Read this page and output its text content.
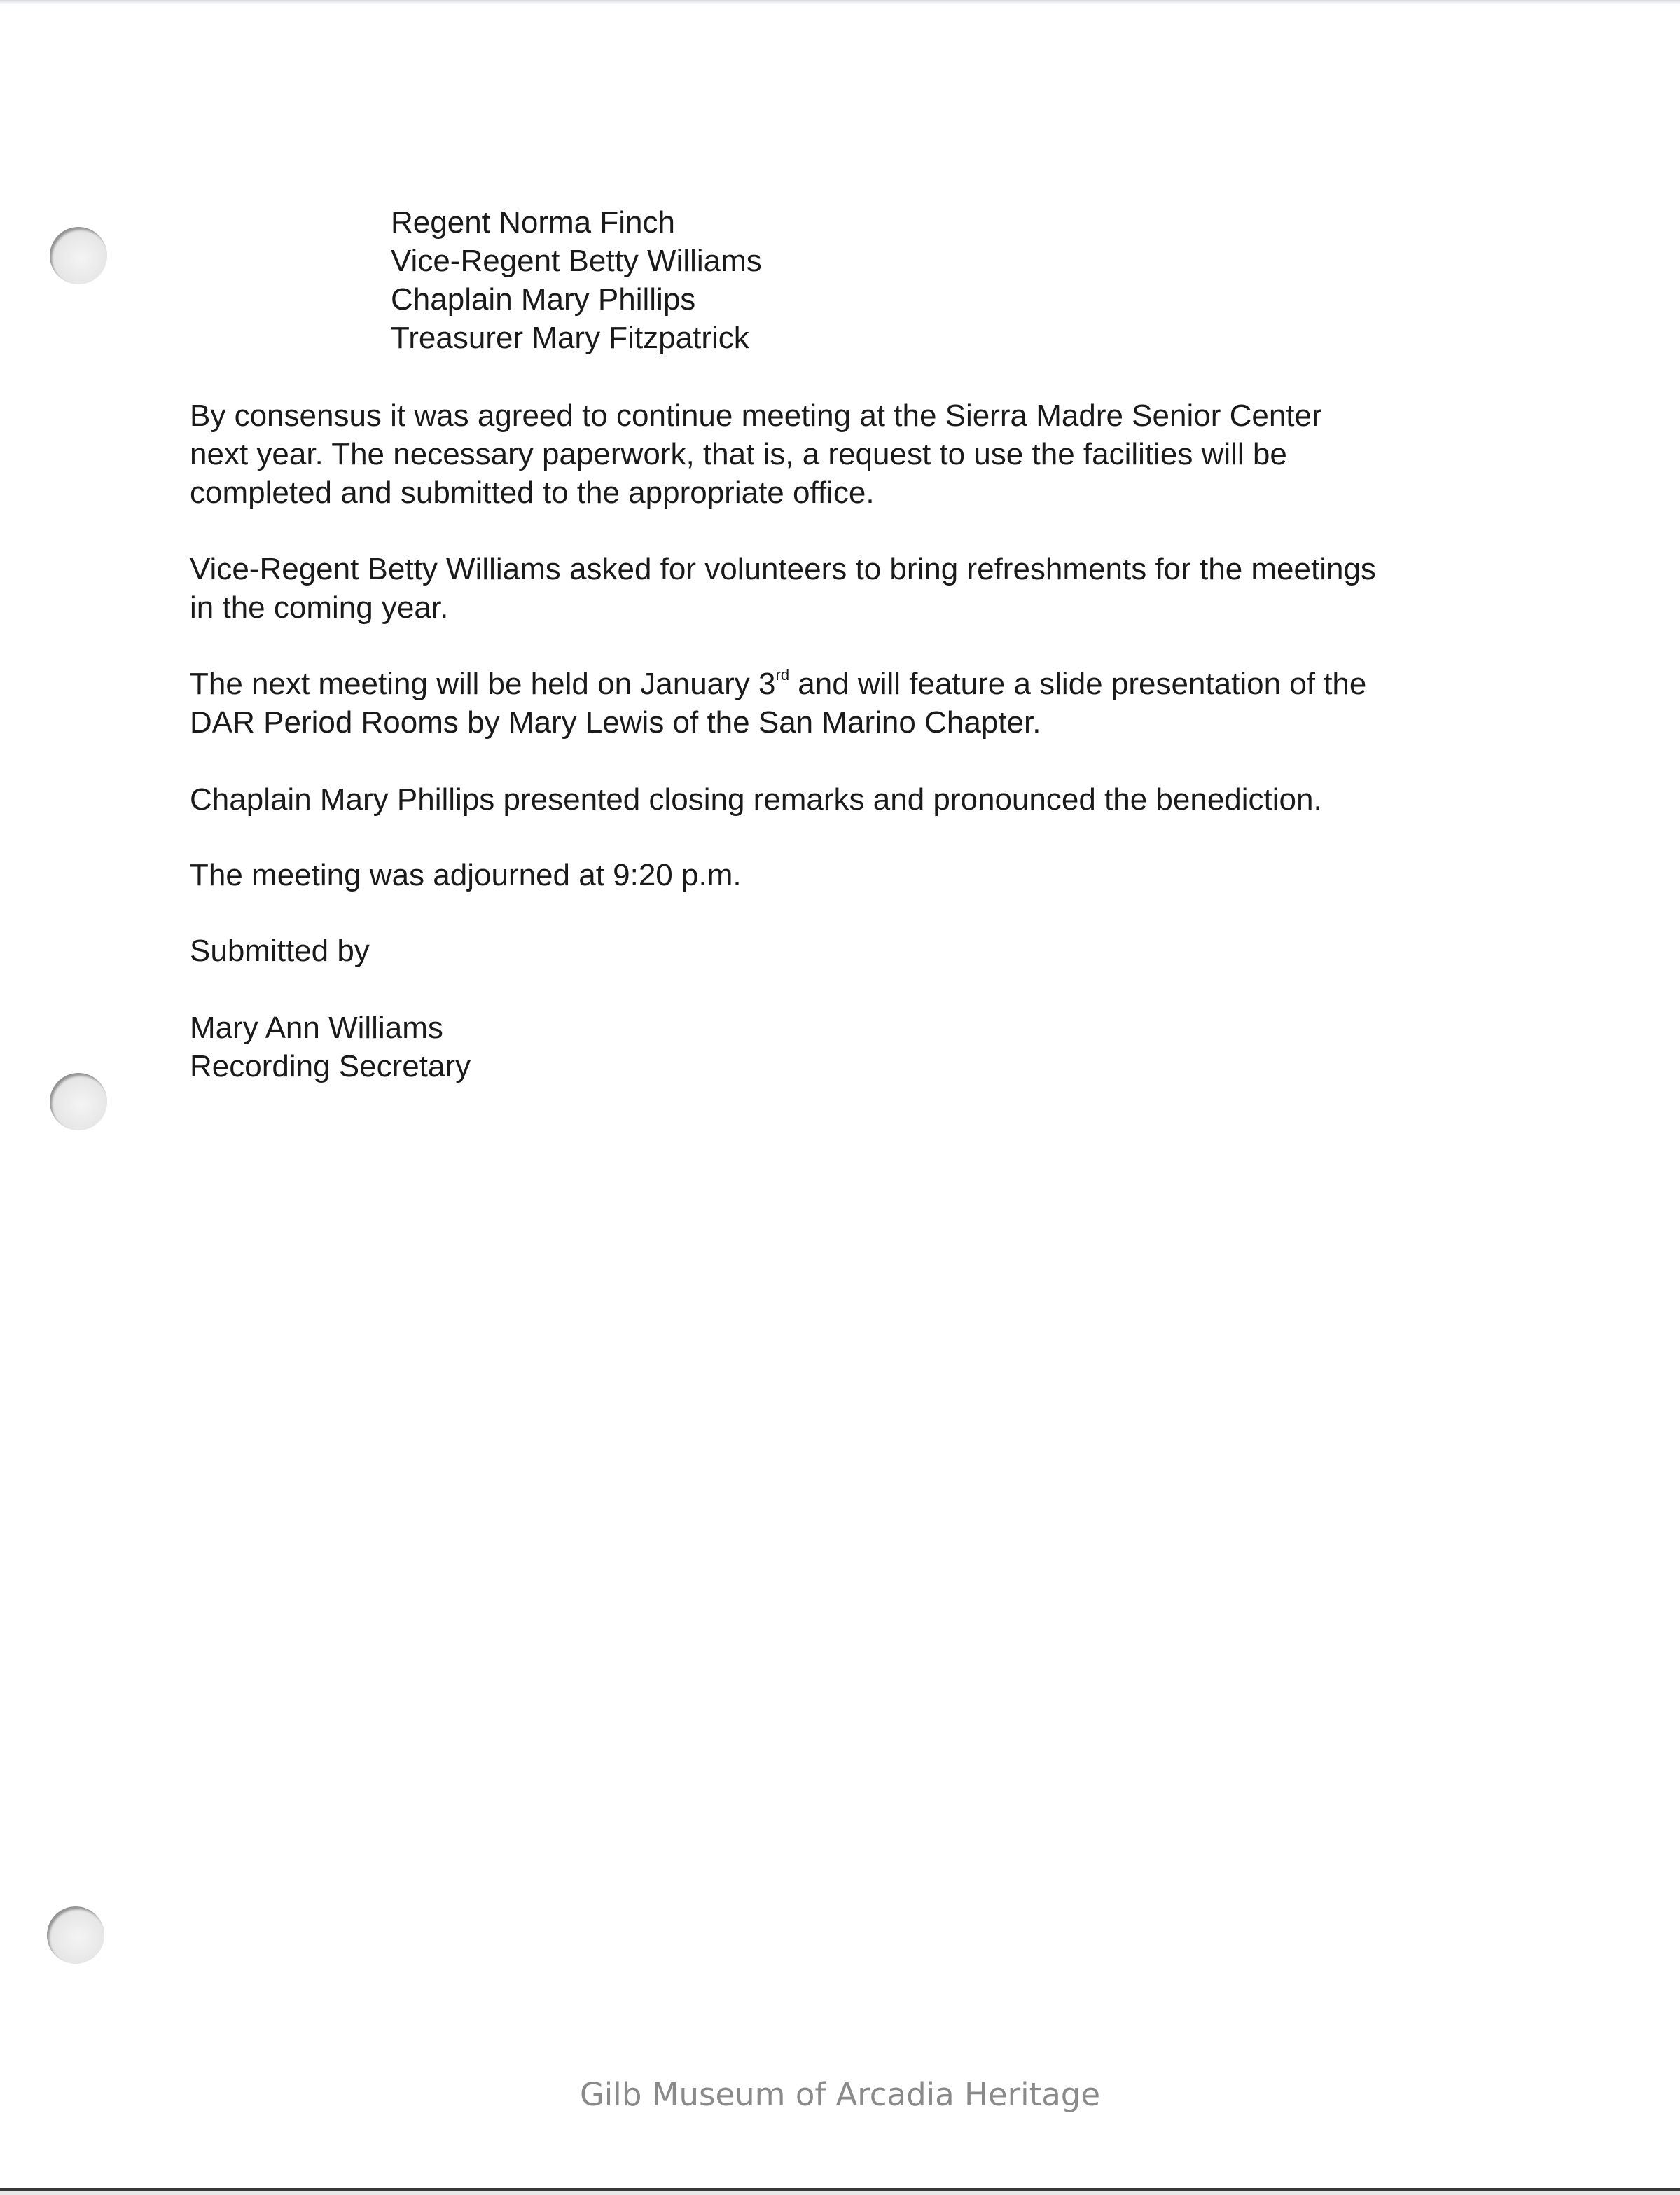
Regent Norma Finch
Vice-Regent Betty Williams
Chaplain Mary Phillips
Treasurer Mary Fitzpatrick

By consensus it was agreed to continue meeting at the Sierra Madre Senior Center
next year. The necessary paperwork, that is, a request to use the facilities will be
completed and submitted to the appropriate office.

Vice-Regent Betty Williams asked for volunteers to bring refreshments for the meetings
in the coming year.

The next meeting will be held on January 3rd and will feature a slide presentation of the
DAR Period Rooms by Mary Lewis of the San Marino Chapter.

Chaplain Mary Phillips presented closing remarks and pronounced the benediction.

The meeting was adjourned at 9:20 p.m.

Submitted by

Mary Ann Williams
Recording Secretary

Gilb Museum of Arcadia Heritage
